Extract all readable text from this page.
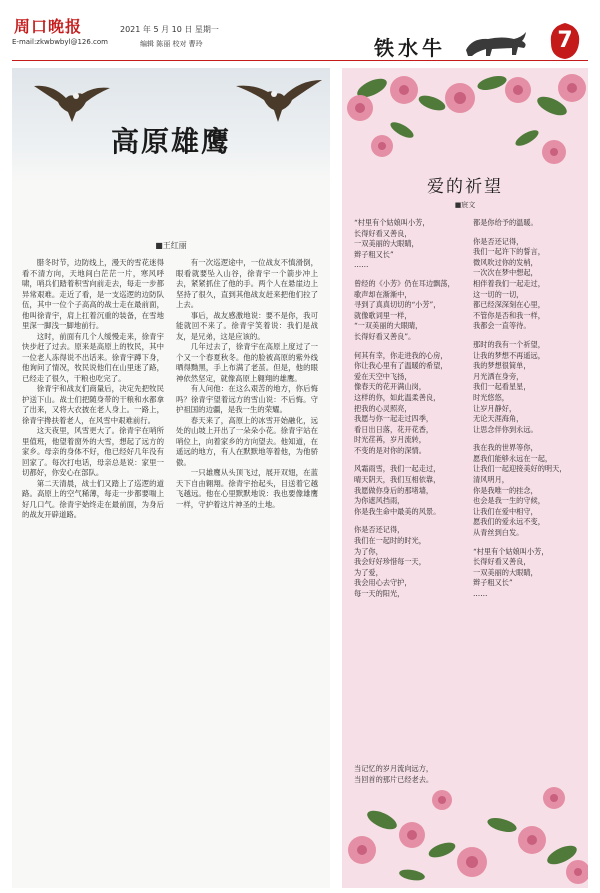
周口晚报	2021 年 5 月 10 日 星期一
E-mail:zkwbwbyl@126.com	编辑 陈丽 校对 曹玲	铁水牛	7
高原雄鹰
■王红丽

腊冬时节，边防线上，漫天的雪花迷得看不清方向，天地间白茫茫一片，寒风呼啸，哨兵们踏着积雪向前走去，每走一步都异常艰难。走近了看，是一支巡逻的边防队伍，其中一位个子高高的战士走在最前面，他叫徐青宇，肩上扛着沉重的装备，在雪地里深一脚浅一脚地前行。

这时，前面有几个人缓慢走来，徐青宇快步赶了过去。原来是高原上的牧民，其中一位老人冻得说不出话来。徐青宇蹲下身，他询问了情况，牧民说他们在山里迷了路，已经走了很久，干粮也吃完了。

徐青宇和战友们商量后，决定先把牧民护送下山。战士们把随身带的干粮和水都拿了出来，又将大衣披在老人身上。一路上，徐青宇搀扶着老人，在风雪中艰难前行。

这天夜里，风雪更大了。徐青宇在哨所里值班，他望着窗外的大雪，想起了远方的家乡。母亲的身体不好，他已经好几年没有回家了。每次打电话，母亲总是说：家里一切都好，你安心在部队。

第二天清晨，战士们又踏上了巡逻的道路。高原上的空气稀薄，每走一步都要喘上好几口气。徐青宇始终走在最前面，为身后的战友开辟道路。

有一次巡逻途中，一位战友不慎滑倒，眼看就要坠入山谷，徐青宇一个箭步冲上去，紧紧抓住了他的手。两个人在悬崖边上坚持了很久，直到其他战友赶来把他们拉了上去。

事后，战友感激地说：要不是你，我可能就回不来了。徐青宇笑着说：我们是战友，是兄弟，这是应该的。

几年过去了，徐青宇在高原上度过了一个又一个春夏秋冬。他的脸被高原的紫外线晒得黝黑，手上布满了老茧。但是，他的眼神依然坚定，就像高原上翱翔的雄鹰。

有人问他：在这么艰苦的地方，你后悔吗？徐青宇望着远方的雪山说：不后悔。守护祖国的边疆，是我一生的荣耀。

春天来了，高原上的冰雪开始融化，远处的山坡上开出了一朵朵小花。徐青宇站在哨位上，向着家乡的方向望去。他知道，在遥远的地方，有人在默默地等着他，为他骄傲。

一只雄鹰从头顶飞过，展开双翅，在蓝天下自由翱翔。徐青宇抬起头，目送着它越飞越远。他在心里默默地说：我也要像雄鹰一样，守护着这片神圣的土地。

爱的祈望
■宸文
“村里有个姑娘叫小芳，
长得好看又善良，
一双美丽的大眼睛，
辫子粗又长”
……
曾经的《小芳》仍在耳边飘荡，
歌声却在渐渐中，
寻到了真真切切的“小芳”，
就像歌词里一样，
“一双美丽的大眼睛，
长得好看又善良”。
何其有幸，你走进我的心房，
你让我心里有了温暖的希望，
爱在天空中飞扬，
像春天的花开满山岗，
这样的你，如此温柔善良，
把我的心灵照亮，
我愿与你一起走过四季，
看日出日落，花开花香，
时光荏苒，岁月流转，
不变的是对你的深情。
风霜雨雪，我们一起走过，
晴天阴天，我们互相依靠，
我愿做你身后的那堵墙，
为你遮风挡雨，
你是我生命中最美的风景。
你是否还记得，
我们在一起时的时光，
为了你，
我会好好珍惜每一天，
为了爱，
我会用心去守护，
每一天的阳光，
都是你给予的温暖。
你是否还记得，
我们一起许下的誓言，
微风吹过你的发梢，
一次次在梦中想起，
相伴着我们一起走过，
这一切的一切，
都已经深深刻在心里，
不管你是否和我一样，
我都会一直等待。
那时的我有一个祈望，
让我的梦想不再遥远，
我的梦想很简单，
月光洒在身旁，
我们一起看星星，
时光悠悠，
让岁月静好，
无论天涯海角，
让思念伴你到永远。
我在我的世界等你，
愿我们能够永远在一起，
让我们一起迎接美好的明天，
清风明月，
你是我唯一的挂念，
也会是我一生的守候，
让我们在爱中相守，
愿我们的爱永远不变，
从青丝到白发。
“村里有个姑娘叫小芳，
长得好看又善良，
一双美丽的大眼睛，
辫子粗又长”
……
当记忆的岁月流向远方，
当回首的那片已经老去。
